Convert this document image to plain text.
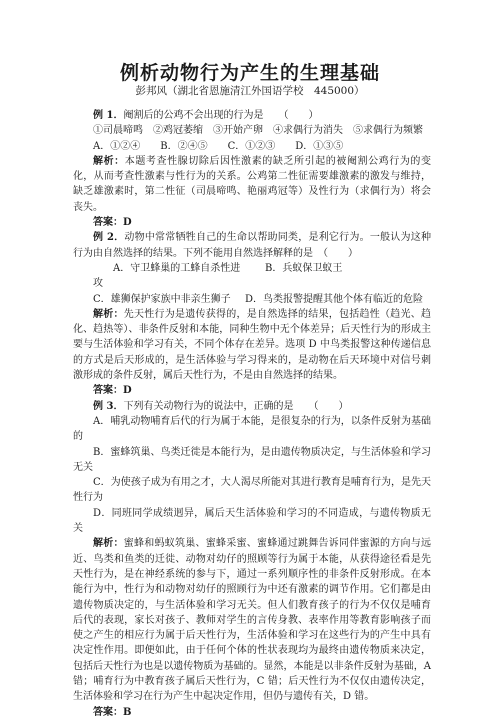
例析动物行为产生的生理基础
彭邦风（湖北省恩施清江外国语学校　445000）

例 1．阉割后的公鸡不会出现的行为是　　（　　）

①司晨啼鸣　②鸡冠萎缩　③开始产卵　④求偶行为消失　⑤求偶行为频繁

A．①②④　　B．②④⑤　　C．①②③　　D．①③⑤

解析：本题考查性腺切除后因性激素的缺乏所引起的被阉割公鸡行为的变化，从而考查性激素与性行为的关系。公鸡第二性征需要雄激素的激发与维持，缺乏雄激素时，第二性征（司晨啼鸣、艳丽鸡冠等）及性行为（求偶行为）将会丧失。

答案：D

例 2．动物中常常牺牲自己的生命以帮助同类，是利它行为。一般认为这种行为由自然选择的结果。下列不能用自然选择解释的是　（　　）

A．守卫蜂巢的工蜂自杀性进攻
B．兵蚁保卫蚁王
C．雄狮保护家族中非亲生狮子	D．鸟类报警提醒其他个体有临近的危险

解析：先天性行为是遗传获得的，是自然选择的结果，包括趋性（趋光、趋化、趋热等）、非条件反射和本能，同种生物中无个体差异；后天性行为的形成主要与生活体验和学习有关，不同个体存在差异。选项 D 中鸟类报警这种传递信息的方式是后天形成的，是生活体验与学习得来的，是动物在后天环境中对信号刺激形成的条件反射，属后天性行为，不是由自然选择的结果。

答案：D

例 3．下列有关动物行为的说法中，正确的是　　（　　）

A．哺乳动物哺育后代的行为属于本能，是很复杂的行为，以条件反射为基础的

B．蜜蜂筑巢、鸟类迁徙是本能行为，是由遗传物质决定，与生活体验和学习无关

C．为使孩子成为有用之才，大人渴尽所能对其进行教育是哺育行为，是先天性行为

D．同班同学成绩迥异，属后天生活体验和学习的不同造成，与遗传物质无关

解析：蜜蜂和蚂蚁筑巢、蜜蜂采蜜、蜜蜂通过跳舞告诉同伴蜜源的方向与远近、鸟类和鱼类的迁徙、动物对幼仔的照顾等行为属于本能，从获得途径看是先天性行为，是在神经系统的参与下，通过一系列顺序性的非条件反射形成。在本能行为中，性行为和动物对幼仔的照顾行为中还有激素的调节作用。它们都是由遗传物质决定的，与生活体验和学习无关。但人们教育孩子的行为不仅仅是哺育后代的表现，家长对孩子、教师对学生的言传身教、表率作用等教育影响孩子而使之产生的相应行为属于后天性行为，生活体验和学习在这些行为的产生中具有决定性作用。即便如此，由于任何个体的性状表现均为最终由遗传物质来决定，包括后天性行为也是以遗传物质为基础的。显然，本能是以非条件反射为基础，A 错；哺育行为中教育孩子属后天性行为，C 错；后天性行为不仅仅由遗传决定，生活体验和学习在行为产生中起决定作用，但仍与遗传有关，D 错。

答案：B
